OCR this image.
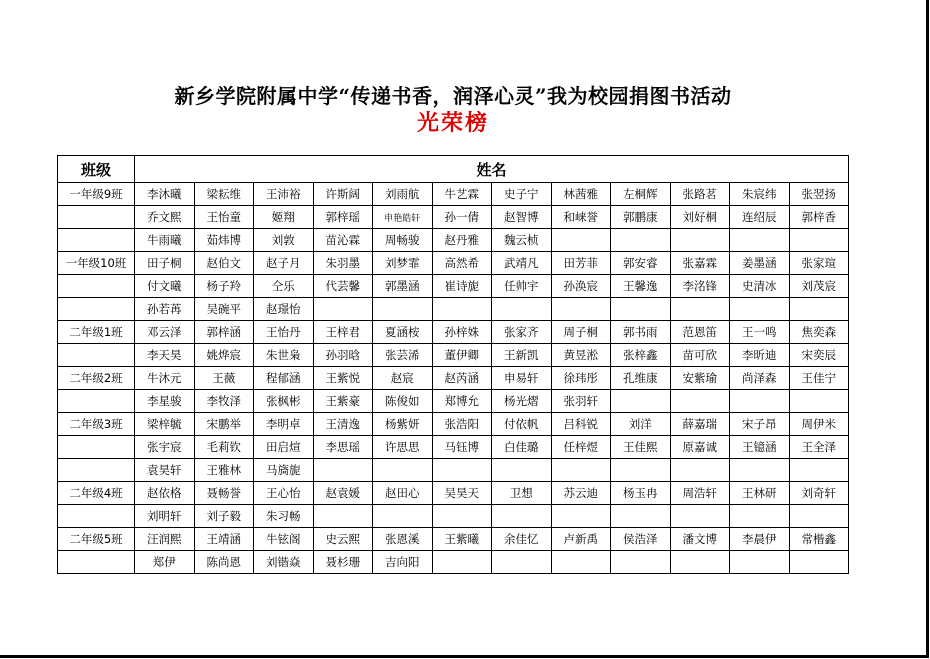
新乡学院附属中学“传递书香，润泽心灵”我为校园捐图书活动
光荣榜
班级	姓名											
一年级9班	李沐曦	梁耘维	王沛裕	许斯阔	刘雨航	牛艺霖	史子宁	林茜雅	左桐辉	张路茗	朱宸纬	张翌扬
	乔文熙	王怡童	姬翔	郭梓瑶	申艳皓轩	孙一倩	赵智博	和崃誉	郭鹏康	刘好桐	连绍辰	郭梓香
	牛雨曦	茹炜博	刘敦	苗沁霖	周畅骏	赵丹雅	魏云桢					
一年级10班	田子桐	赵伯文	赵子月	朱羽墨	刘梦霏	高然希	武靖凡	田芳菲	郭安睿	张嘉霖	姜墨涵	张家瑄
	付文曦	杨子羚	仝乐	代芸馨	郭墨涵	崔诗旎	任帅宇	孙涣宸	王馨逸	李洺锋	史清冰	刘茂宸
	孙若苒	吴碗平	赵璟怡									
二年级1班	邓云泽	郭梓涵	王怡丹	王梓君	夏涵桉	孙梓姝	张家齐	周子桐	郭书雨	范恩笛	王一鸣	焦奕森
	李天昊	姚烨宸	朱世枭	孙羽晗	张芸浠	董伊卿	王新凯	黄昱淞	张梓鑫	苗可欣	李昕迪	宋奕辰
二年级2班	牛沐元	王薇	程郁涵	王紫悦	赵宸	赵芮涵	申易轩	徐玮彤	孔维康	安紫瑜	尚泽森	王佳宁
	李星骏	李牧泽	张枫彬	王紫豪	陈俊如	郑博允	杨光熠	张羽轩				
二年级3班	梁梓毓	宋鹏举	李明卓	王清逸	杨紫妍	张浩阳	付依帆	吕科锐	刘洋	薛嘉瑞	宋子昂	周伊米
	张宇宸	毛莉钦	田启煊	李思瑶	许思思	马钰博	白佳璐	任梓煜	王佳熙	原嘉诚	王镱涵	王全泽
	袁昊轩	王雅林	马旖旎									
二年级4班	赵依格	聂畅誉	王心怡	赵袁媛	赵田心	吴昊天	卫想	苏云迪	杨玉冉	周浩轩	王林研	刘奇轩
	刘明轩	刘子毅	朱习畅									
二年级5班	汪润熙	王靖涵	牛铉阁	史云熙	张恩溪	王紫曦	余佳忆	卢新禹	侯浩泽	潘文博	李晨伊	常楷鑫
	郑伊	陈尚恩	刘锴焱	聂杉珊	吉向阳							
